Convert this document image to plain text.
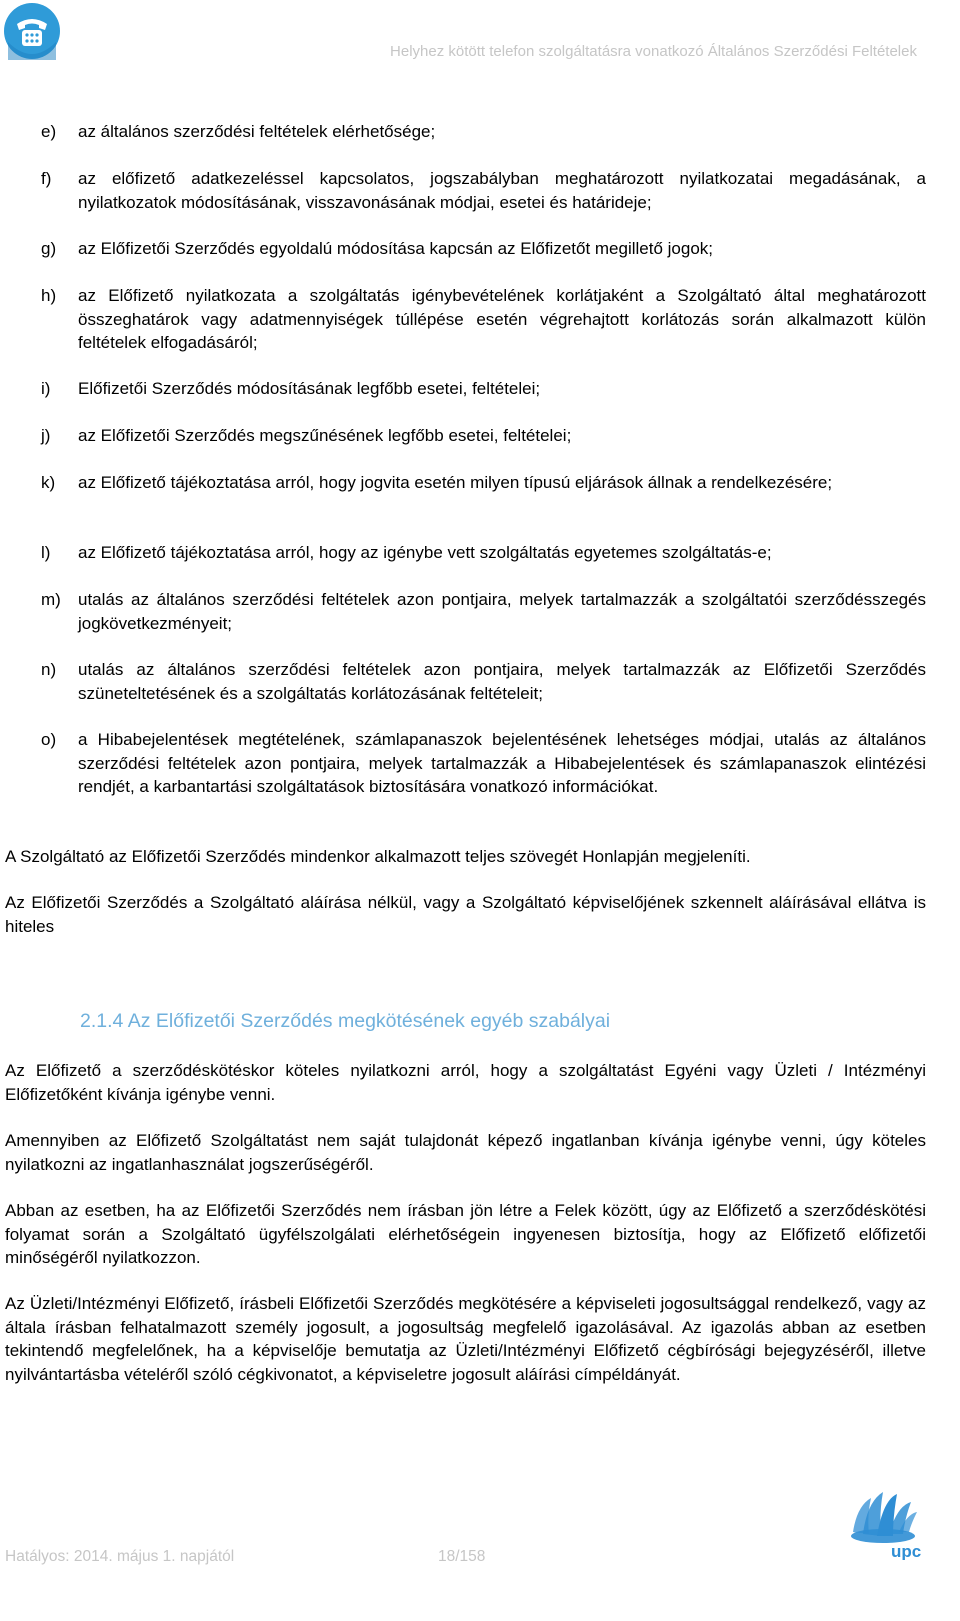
Helyhez kötött telefon szolgáltatásra vonatkozó Általános Szerződési Feltételek
e) az általános szerződési feltételek elérhetősége;
f) az előfizető adatkezeléssel kapcsolatos, jogszabályban meghatározott nyilatkozatai megadásának, a nyilatkozatok módosításának, visszavonásának módjai, esetei és határideje;
g) az Előfizetői Szerződés egyoldalú módosítása kapcsán az Előfizetőt megillető jogok;
h) az Előfizető nyilatkozata a szolgáltatás igénybevételének korlátjaként a Szolgáltató által meghatározott összeghatárok vagy adatmennyiségek túllépése esetén végrehajtott korlátozás során alkalmazott külön feltételek elfogadásáról;
i) Előfizetői Szerződés módosításának legfőbb esetei, feltételei;
j) az Előfizetői Szerződés megszűnésének legfőbb esetei, feltételei;
k) az Előfizető tájékoztatása arról, hogy jogvita esetén milyen típusú eljárások állnak a rendelkezésére;
l) az Előfizető tájékoztatása arról, hogy az igénybe vett szolgáltatás egyetemes szolgáltatás-e;
m) utalás az általános szerződési feltételek azon pontjaira, melyek tartalmazzák a szolgáltatói szerződésszegés jogkövetkezményeit;
n) utalás az általános szerződési feltételek azon pontjaira, melyek tartalmazzák az Előfizetői Szerződés szüneteltetésének és a szolgáltatás korlátozásának feltételeit;
o) a Hibabejelentések megtételének, számlapanaszok bejelentésének lehetséges módjai, utalás az általános szerződési feltételek azon pontjaira, melyek tartalmazzák a Hibabejelentések és számlapanaszok elintézési rendjét, a karbantartási szolgáltatások biztosítására vonatkozó információkat.
A Szolgáltató az Előfizetői Szerződés mindenkor alkalmazott teljes szövegét Honlapján megjeleníti.
Az Előfizetői Szerződés a Szolgáltató aláírása nélkül, vagy a Szolgáltató képviselőjének szkennelt aláírásával ellátva is hiteles
2.1.4 Az Előfizetői Szerződés megkötésének egyéb szabályai
Az Előfizető a szerződéskötéskor köteles nyilatkozni arról, hogy a szolgáltatást Egyéni vagy Üzleti / Intézményi Előfizetőként kívánja igénybe venni.
Amennyiben az Előfizető Szolgáltatást nem saját tulajdonát képező ingatlanban kívánja igénybe venni, úgy köteles nyilatkozni az ingatlanhasználat jogszerűségéről.
Abban az esetben, ha az Előfizetői Szerződés nem írásban jön létre a Felek között, úgy az Előfizető a szerződéskötési folyamat során a Szolgáltató ügyfélszolgálati elérhetőségein ingyenesen biztosítja, hogy az Előfizető előfizetői minőségéről nyilatkozzon.
Az Üzleti/Intézményi Előfizető, írásbeli Előfizetői Szerződés megkötésére a képviseleti jogosultsággal rendelkező, vagy az általa írásban felhatalmazott személy jogosult, a jogosultság megfelelő igazolásával. Az igazolás abban az esetben tekintendő megfelelőnek, ha a képviselője bemutatja az Üzleti/Intézményi Előfizető cégbírósági bejegyzéséről, illetve nyilvántartásba vételéről szóló cégkivonatot, a képviseletre jogosult aláírási címpéldányát.
Hatályos: 2014. május 1. napjától	18/158	upc
